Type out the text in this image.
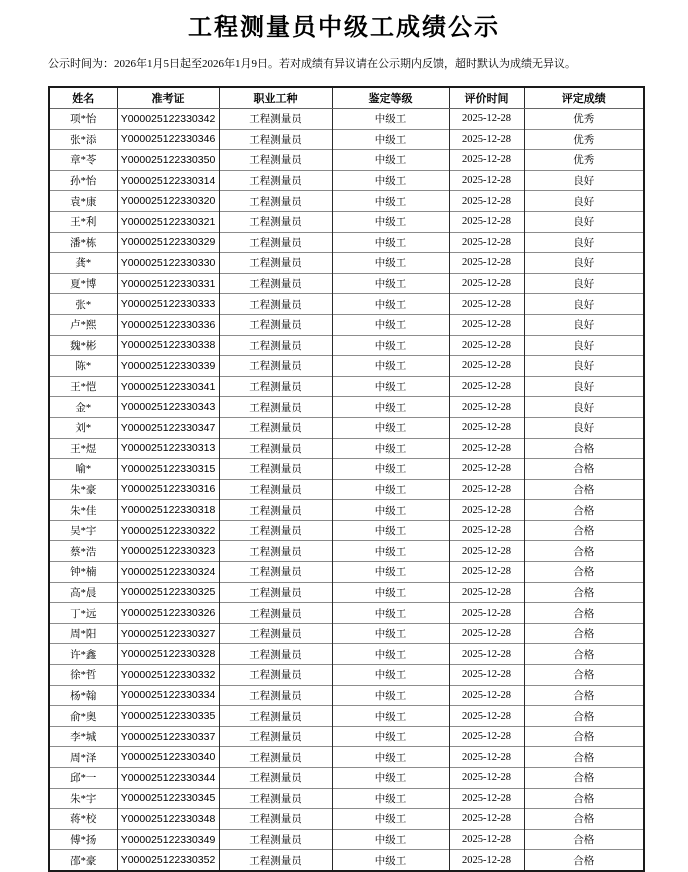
工程测量员中级工成绩公示

公示时间为：2026年1月5日起至2026年1月9日。若对成绩有异议请在公示期内反馈，超时默认为成绩无异议。

姓名	准考证	职业工种	鉴定等级	评价时间	评定成绩
项*怡	Y000025122330342	工程测量员	中级工	2025-12-28	优秀
张*添	Y000025122330346	工程测量员	中级工	2025-12-28	优秀
章*苓	Y000025122330350	工程测量员	中级工	2025-12-28	优秀
孙*怡	Y000025122330314	工程测量员	中级工	2025-12-28	良好
袁*康	Y000025122330320	工程测量员	中级工	2025-12-28	良好
王*利	Y000025122330321	工程测量员	中级工	2025-12-28	良好
潘*栋	Y000025122330329	工程测量员	中级工	2025-12-28	良好
龚*	Y000025122330330	工程测量员	中级工	2025-12-28	良好
夏*博	Y000025122330331	工程测量员	中级工	2025-12-28	良好
张*	Y000025122330333	工程测量员	中级工	2025-12-28	良好
卢*熙	Y000025122330336	工程测量员	中级工	2025-12-28	良好
魏*彬	Y000025122330338	工程测量员	中级工	2025-12-28	良好
陈*	Y000025122330339	工程测量员	中级工	2025-12-28	良好
王*恺	Y000025122330341	工程测量员	中级工	2025-12-28	良好
金*	Y000025122330343	工程测量员	中级工	2025-12-28	良好
刘*	Y000025122330347	工程测量员	中级工	2025-12-28	良好
王*煜	Y000025122330313	工程测量员	中级工	2025-12-28	合格
喻*	Y000025122330315	工程测量员	中级工	2025-12-28	合格
朱*豪	Y000025122330316	工程测量员	中级工	2025-12-28	合格
朱*佳	Y000025122330318	工程测量员	中级工	2025-12-28	合格
吴*宇	Y000025122330322	工程测量员	中级工	2025-12-28	合格
蔡*浩	Y000025122330323	工程测量员	中级工	2025-12-28	合格
钟*楠	Y000025122330324	工程测量员	中级工	2025-12-28	合格
高*晨	Y000025122330325	工程测量员	中级工	2025-12-28	合格
丁*远	Y000025122330326	工程测量员	中级工	2025-12-28	合格
周*阳	Y000025122330327	工程测量员	中级工	2025-12-28	合格
许*鑫	Y000025122330328	工程测量员	中级工	2025-12-28	合格
徐*哲	Y000025122330332	工程测量员	中级工	2025-12-28	合格
杨*翰	Y000025122330334	工程测量员	中级工	2025-12-28	合格
俞*奥	Y000025122330335	工程测量员	中级工	2025-12-28	合格
李*城	Y000025122330337	工程测量员	中级工	2025-12-28	合格
周*泽	Y000025122330340	工程测量员	中级工	2025-12-28	合格
邱*一	Y000025122330344	工程测量员	中级工	2025-12-28	合格
朱*宇	Y000025122330345	工程测量员	中级工	2025-12-28	合格
蒋*校	Y000025122330348	工程测量员	中级工	2025-12-28	合格
傅*扬	Y000025122330349	工程测量员	中级工	2025-12-28	合格
邵*豪	Y000025122330352	工程测量员	中级工	2025-12-28	合格
